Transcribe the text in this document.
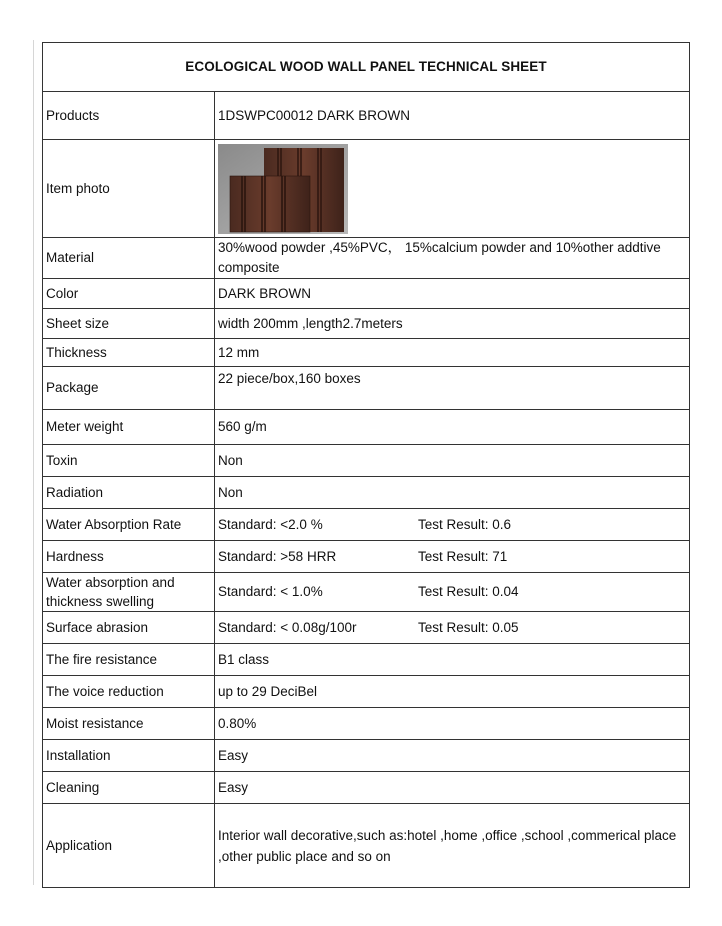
ECOLOGICAL WOOD WALL PANEL TECHNICAL SHEET	
Products	1DSWPC00012 DARK BROWN
Item photo	

Material	30%wood powder ,45%PVC， 15%calcium powder and 10%other addtive composite
Color	DARK BROWN
Sheet size	width 200mm ,length2.7meters
Thickness	12 mm
Package	22 piece/box,160 boxes
Meter weight	560 g/m
Toxin	Non
Radiation	Non
Water Absorption Rate	Standard: <2.0 % Test Result: 0.6
Hardness	Standard: >58 HRR Test Result: 71
Water absorption and thickness swelling	Standard: < 1.0% Test Result: 0.04
Surface abrasion	Standard: < 0.08g/100r Test Result: 0.05
The fire resistance	B1 class
The voice reduction	up to 29 DeciBel
Moist resistance	0.80%
Installation	Easy
Cleaning	Easy
Application	Interior wall decorative,such as:hotel ,home ,office ,school ,commerical place ,other public place and so on
